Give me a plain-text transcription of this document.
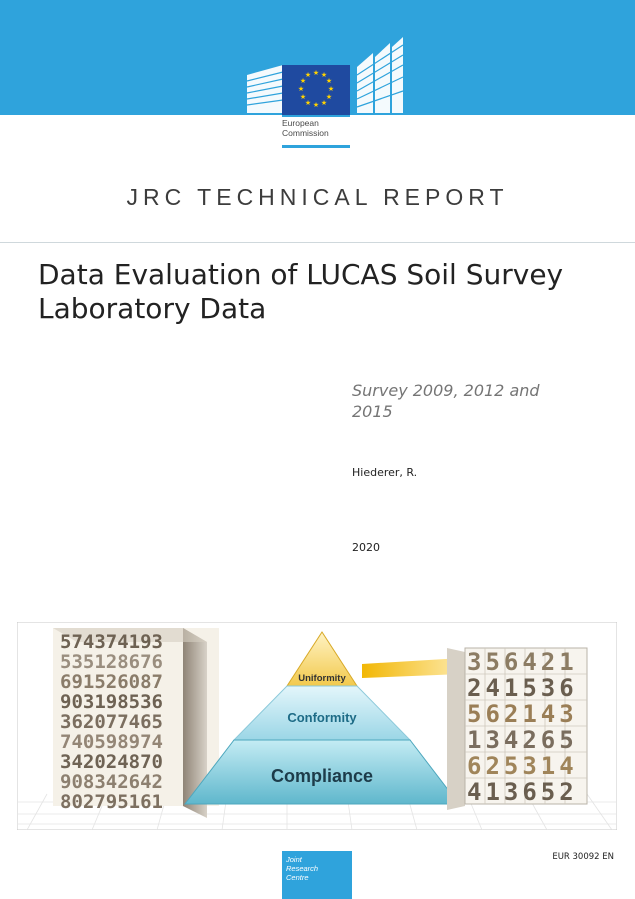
★ ★
★
★
★
★
★
★
★
★
★
★
European
Commission
JRC TECHNICAL REPORT
Data Evaluation of LUCAS Soil Survey Laboratory Data
Survey 2009, 2012 and 2015
Hiederer, R.
2020
574374193
535128676
691526087
903198536
362077465
740598974
342024870
908342642
802795161
Uniformity
Conformity
Compliance
356421
241536
562143
134265
625314
413652
Joint
Research
Centre
EUR 30092 EN
